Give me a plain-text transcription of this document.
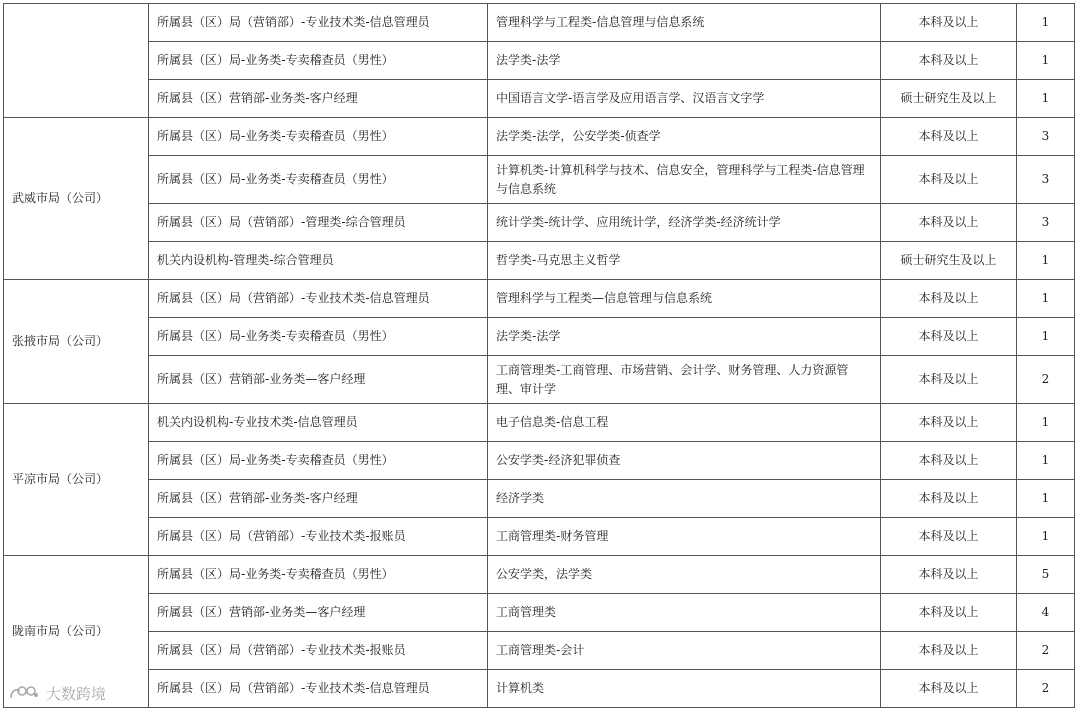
	所属县（区）局（营销部）-专业技术类-信息管理员	管理科学与工程类-信息管理与信息系统	本科及以上	1
	所属县（区）局-业务类-专卖稽查员（男性）	法学类-法学	本科及以上	1
	所属县（区）营销部-业务类-客户经理	中国语言文学-语言学及应用语言学、汉语言文字学	硕士研究生及以上	1
武威市局（公司）	所属县（区）局-业务类-专卖稽查员（男性）	法学类-法学，公安学类-侦查学	本科及以上	3
	所属县（区）局-业务类-专卖稽查员（男性）	计算机类-计算机科学与技术、信息安全，管理科学与工程类-信息管理与信息系统	本科及以上	3
	所属县（区）局（营销部）-管理类-综合管理员	统计学类-统计学、应用统计学，经济学类-经济统计学	本科及以上	3
	机关内设机构-管理类-综合管理员	哲学类-马克思主义哲学	硕士研究生及以上	1
张掖市局（公司）	所属县（区）局（营销部）-专业技术类-信息管理员	管理科学与工程类—信息管理与信息系统	本科及以上	1
	所属县（区）局-业务类-专卖稽查员（男性）	法学类-法学	本科及以上	1
	所属县（区）营销部-业务类—客户经理	工商管理类-工商管理、市场营销、会计学、财务管理、人力资源管理、审计学	本科及以上	2
平凉市局（公司）	机关内设机构-专业技术类-信息管理员	电子信息类-信息工程	本科及以上	1
	所属县（区）局-业务类-专卖稽查员（男性）	公安学类-经济犯罪侦查	本科及以上	1
	所属县（区）营销部-业务类-客户经理	经济学类	本科及以上	1
	所属县（区）局（营销部）-专业技术类-报账员	工商管理类-财务管理	本科及以上	1
陇南市局（公司）	所属县（区）局-业务类-专卖稽查员（男性）	公安学类，法学类	本科及以上	5
	所属县（区）营销部-业务类—客户经理	工商管理类	本科及以上	4
	所属县（区）局（营销部）-专业技术类-报账员	工商管理类-会计	本科及以上	2
	所属县（区）局（营销部）-专业技术类-信息管理员	计算机类	本科及以上	2
大数跨境
